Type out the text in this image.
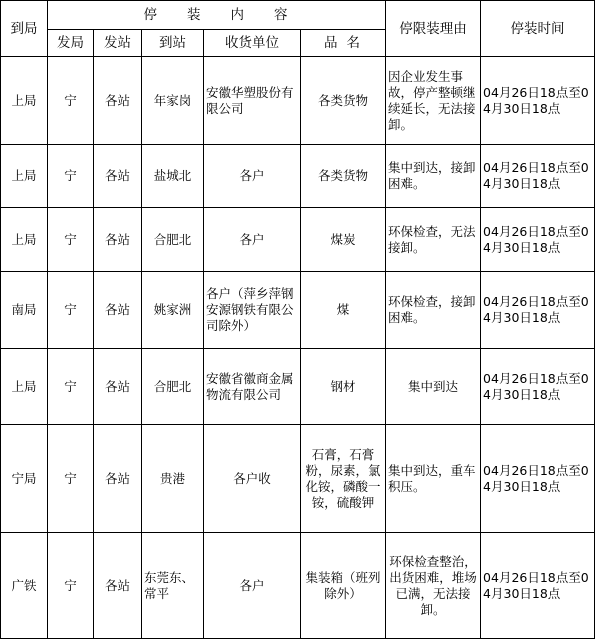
到局	停装内容					停限装理由	停装时间
	发局	发站	到站	收货单位	品名		
上局	宁	各站	年家岗	安徽华塑股份有限公司	各类货物	因企业发生事故，停产整顿继续延长，无法接卸。	04月26日18点至04月30日18点
上局	宁	各站	盐城北	各户	各类货物	集中到达，接卸困难。	04月26日18点至04月30日18点
上局	宁	各站	合肥北	各户	煤炭	环保检查，无法接卸。	04月26日18点至04月30日18点
南局	宁	各站	姚家洲	各户（萍乡萍钢安源钢铁有限公司除外）	煤	环保检查，接卸困难。	04月26日18点至04月30日18点
上局	宁	各站	合肥北	安徽省徽商金属物流有限公司	钢材	集中到达	04月26日18点至04月30日18点
宁局	宁	各站	贵港	各户收	石膏，石膏粉，尿素，氯化铵，磷酸一铵，硫酸钾	集中到达，重车积压。	04月26日18点至04月30日18点
广铁	宁	各站	东莞东、常平	各户	集装箱（班列除外）	环保检查整治，出货困难，堆场已满，无法接卸。	04月26日18点至04月30日18点
